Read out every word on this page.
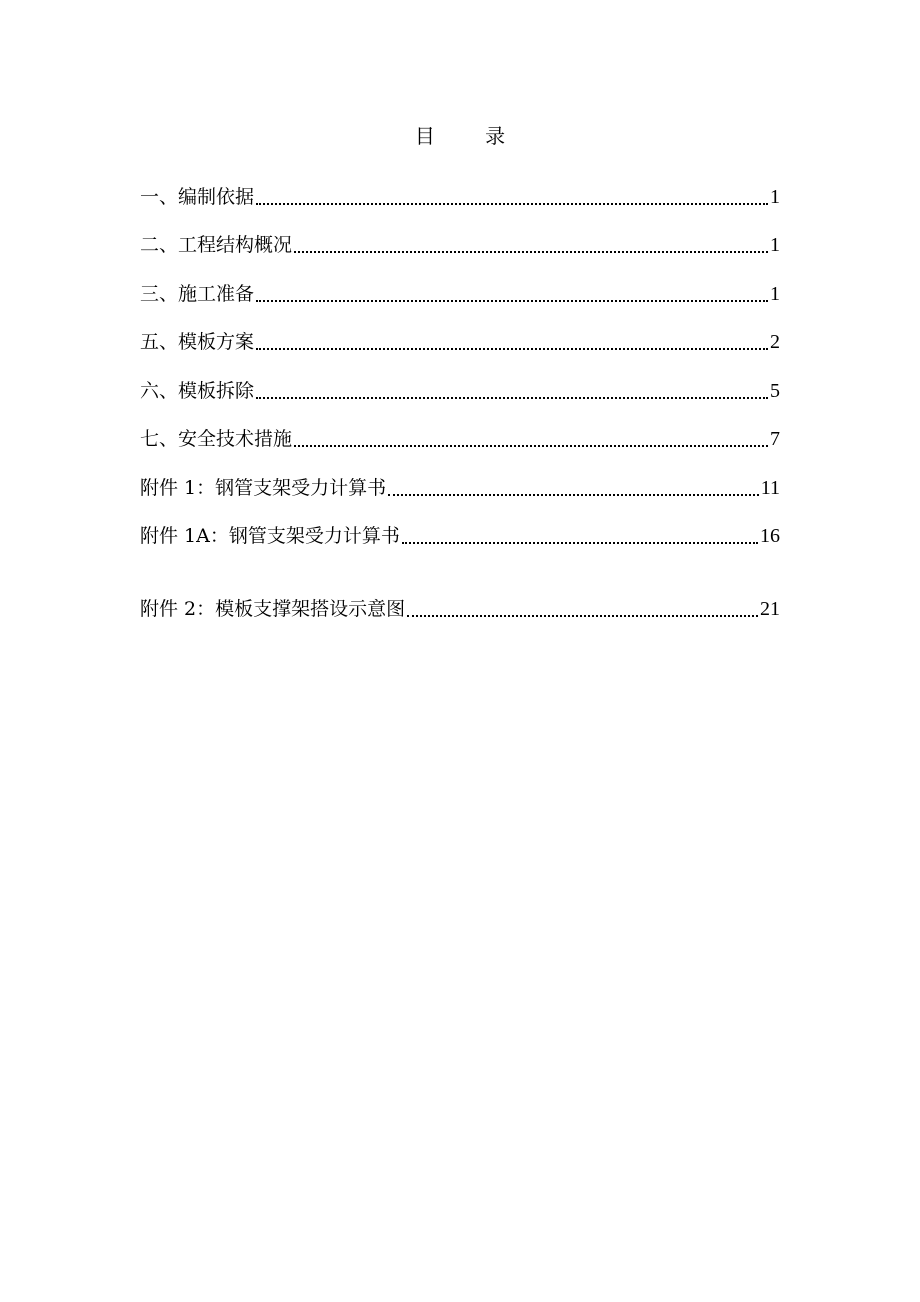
目 录
一、编制依据	1
二、工程结构概况	1
三、施工准备	1
五、模板方案	2
六、模板拆除	5
七、安全技术措施	7
附件 1：钢管支架受力计算书	11
附件 1A：钢管支架受力计算书	16
附件 2：模板支撑架搭设示意图	21
